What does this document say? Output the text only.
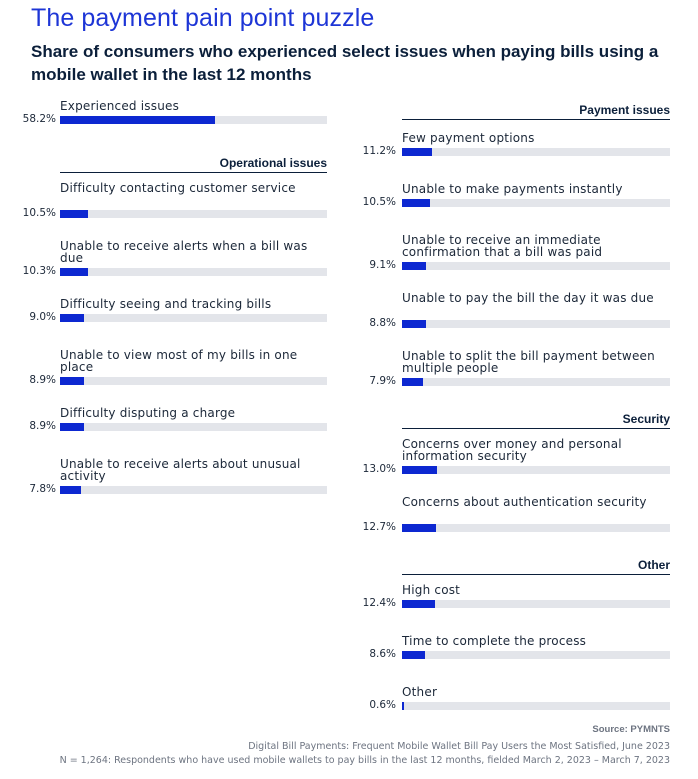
The payment pain point puzzle
Share of consumers who experienced select issues when paying bills using a mobile wallet in the last 12 months
Experienced issues
58.2%
Operational issues
Difficulty contacting customer service
10.5%
Unable to receive alerts when a bill was due
10.3%
Difficulty seeing and tracking bills
9.0%
Unable to view most of my bills in one place
8.9%
Difficulty disputing a charge
8.9%
Unable to receive alerts about unusual activity
7.8%
Payment issues
Few payment options
11.2%
Unable to make payments instantly
10.5%
Unable to receive an immediate confirmation that a bill was paid
9.1%
Unable to pay the bill the day it was due
8.8%
Unable to split the bill payment between multiple people
7.9%
Security
Concerns over money and personal information security
13.0%
Concerns about authentication security
12.7%
Other
High cost
12.4%
Time to complete the process
8.6%
Other
0.6%
Source: PYMNTS
Digital Bill Payments: Frequent Mobile Wallet Bill Pay Users the Most Satisfied, June 2023
N = 1,264: Respondents who have used mobile wallets to pay bills in the last 12 months, fielded March 2, 2023 – March 7, 2023
